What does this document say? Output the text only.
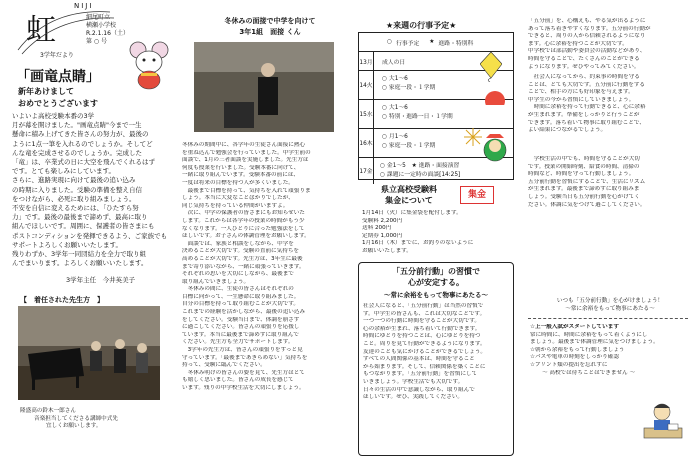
NIJI
虹	細尾町立
横瀬小学校
R.2.1.16（土）
第 ○ 号
3学年だより
「画竜点睛」
新年あけまして
おめでとうございます
いよいよ高校受験本番の3学
月が幕を開けました。"画竜点睛"今まで一生
懸命に積み上げてきた皆さんの努力が、最後の
ように1点一筆を入れるのでしょうか。そしてど
んな竜を完成させるのでしょうか。完成した
「竜」は、卒業式の日に大空を飛んでくれるはず
です。とても楽しみにしています。
さらに、進路実現に向けて最後の追い込み
の時期に入りました。受験の準備を整え自信
をつけながら、必死に取り組みましょう。
不安を自信に変えるためには、「ひたすら努
力」です。最後の最後まで諦めず、最高に取り
組んでほしいです。周囲に、保護者の皆さまにも
ポストコンディションを発揮できるよう、ご家族でも
サポートよろしくお願いいたします。
残りわずか、3学年一同団結力を全力で取り組
んでまいります。よろしくお願いいたします。
3学年主任　今井英美子
【　着任された先生方　】
隆盛高の鈴木一郎さん
音楽担当してくださる講師中式先
宜しくお願いします。
冬休みの面接で中学を向けて
3年1組　面接 くん
冬休みの期間中に、各学年の生徒さん面接に熱心
を重ね込んで勉強会を行っていました。中学生前の
面談で、1月の三者面談を実施しました。先生方は
何度も授業を行いました。受験本番に向けて、
一緒に取り組んでいます。受験本番の前には、
一度は将来の目標を持つ人が多くいました。
　最後まで目標を持って、気持ちを入れて頑張りま
しょう。本当に大変なことばかりでしたが、
同じ気持ちを持っている仲間がいますよ。
　次に、中学の保護者の皆さまにもお知らせいた
します。これからは各学年の授業の時間がもう少
なくなります。一人ひとりに合った勉強法をして
ほしいです。お子さんの体調管理をお願いします。
　面談では、家族と相談をしながら、中学を
決めることが大切です。受験の直前に気持ちを
高めることが大切です。先生方は、3年生に最後
まで寄り添いながら、一緒に頑張っていきます。
それぞれの思いを大切にしながら、最後まで
取り組んでいきましょう。
　冬休みの間に、生徒の皆さんはそれぞれの
目標に向かって、一生懸命に取り組みました。
自分の目標を持って取り組むことが大切です。
これまでの経験を活かしながら、最後の追い込み
をしてください。受験当日まで、体調を崩さず
に過ごしてください。皆さんの頑張りを応援し
ています。本当に最後まで諦めずに取り組んで
ください。先生方も全力でサポートします。
　3学年の先生方は、皆さんの頑張りをずっと見
守っています。「最後まであきらめない」気持ちを
持って、受験に臨んでください。
　冬休み明けの皆さんの姿を見て、先生方はとて
も嬉しく思いました。皆さんの成長を感じて
います。残りの中学校生活を大切にしましょう。
★来週の行事予定★
○ 行事予定 ★ 進路・特別科
13月 成人の日
14火
○ 大1〜6
○ 家庭一段・１学期
15水
○ 大1〜6
○ 特別・進路一日・１学期
16木
○ 月1〜6
○ 家庭一段・１学期
17金
○ 金1〜5　★ 進路・面接演習
○ 課題に一定時の面談[14:25]
県立高校受験料
集金について
集金
1月14日（火）に集金袋を配付します。
受験料 2,200円
送料 200円
定期券 1,000円
1月16日（木）までに、お釣りのないように
お願いいたします。
「五分前行動」の習慣で
心が安定する。
〜常に余裕をもって物事にあたる〜
社会人になると、「五分前行動」は当然の習慣で
す。中学生の皆さんも、これは大切なことです。
一つ一つの行動に時間を守ることが大切です。
心の余裕が生まれ、落ち着いて行動できます。
時間にゆとりを持つことは、心にゆとりを持つ
こと。周りを見て行動ができるようになります。
友達のことも気にかけることができるでしょう。
すべての人間関係の基本は、時間を守ること
から始まります。そして、信頼関係を築くことに
もつながります。「五分前行動」を習慣にして
いきましょう。学校生活でも大切です。
日々の生活の中で意識しながら、取り組んで
ほしいです。ぜひ、実践してください。
「五分前」を、心構えも、やる気が出るように
あって落ち着きやすくなります。五分前の行動が
できると、周りの人から信頼されるようになり
ます。心に余裕を持つことが大切です。
中学校では部活動や委員会の活動などがあり、
時間を守ることで、たくさんのことができる
ようになります。ぜひやってみてください。
　社会人になってから、約束事の時間を守る
ことは、とても大切です。五分前に行動をする
ことで、相手の方にも好印象を与えます。
中学生の今から習慣にしていきましょう。
　時間に余裕を持って行動できると、心に余裕
が生まれます。準備をしっかりと行うことが
できます。落ち着いて物事に取り組むことで、
よい結果につながるでしょう。
　学校生活の中でも、時間を守ることが大切
です。授業の開始時刻、給食の時間、清掃の
時間など、時間を守って行動しましょう。
五分前行動を習慣にすることで、生活にリズム
が生まれます。最後まで諦めずに取り組みま
しょう。受験当日も五分前行動を心がけてく
ださい。体調に気をつけて過ごしてください。
いつも「五分前行動」を心がけましょう！
〜常に余裕をもって物事にあたる〜
☆上一般入試がスタートしています
常に時間に、時間に余裕をもって着くようにし
ましょう。最後まで体調管理に気をつけましょう。
☆朝から余裕をもって行動しましょう
☆バスや電車の時刻をしっかり確認
☆プリント類の提出を忘れずに
〜 高校では待ちことはできません 〜
